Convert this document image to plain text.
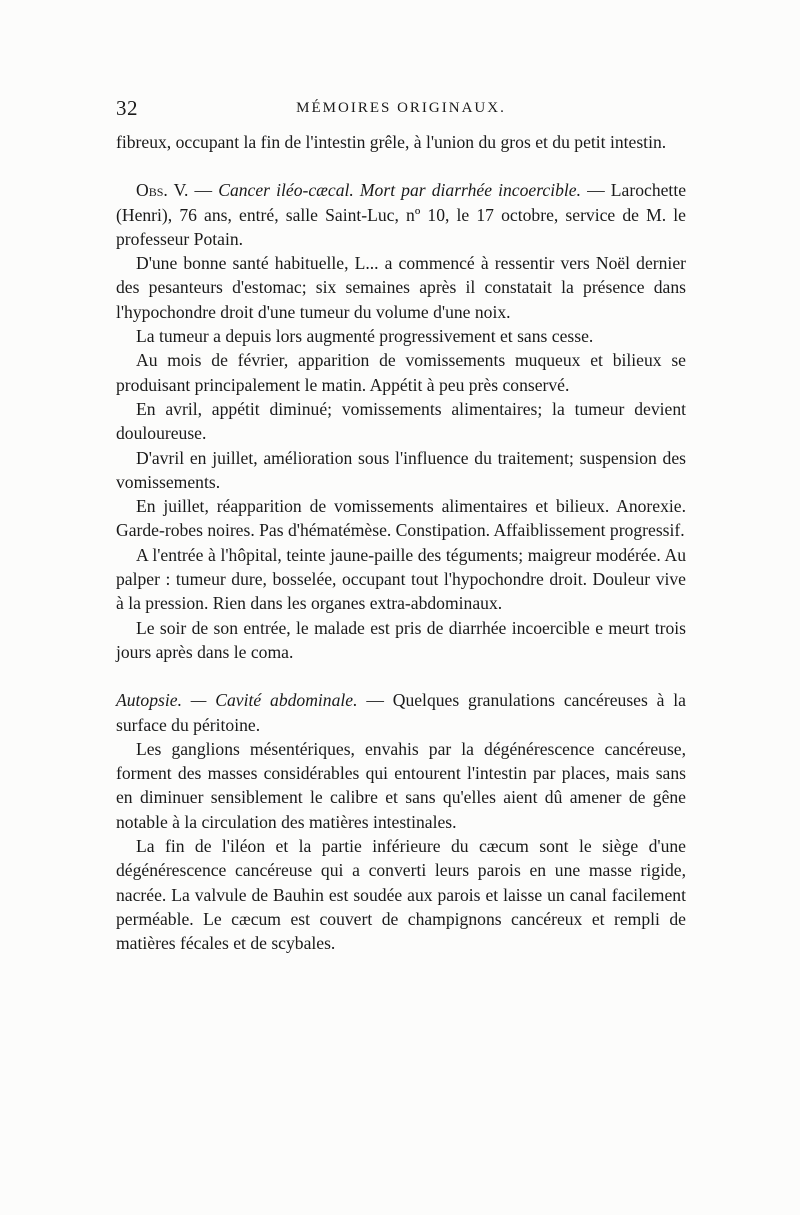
32	MÉMOIRES ORIGINAUX.

fibreux, occupant la fin de l'intestin grêle, à l'union du gros et du petit intestin.

Obs. V. — Cancer iléo-cæcal. Mort par diarrhée incoercible. — Larochette (Henri), 76 ans, entré, salle Saint-Luc, nº 10, le 17 octobre, service de M. le professeur Potain.

D'une bonne santé habituelle, L... a commencé à ressentir vers Noël dernier des pesanteurs d'estomac; six semaines après il constatait la présence dans l'hypochondre droit d'une tumeur du volume d'une noix.

La tumeur a depuis lors augmenté progressivement et sans cesse.

Au mois de février, apparition de vomissements muqueux et bilieux se produisant principalement le matin. Appétit à peu près conservé.

En avril, appétit diminué; vomissements alimentaires; la tumeur devient douloureuse.

D'avril en juillet, amélioration sous l'influence du traitement; suspension des vomissements.

En juillet, réapparition de vomissements alimentaires et bilieux. Anorexie. Garde-robes noires. Pas d'hématémèse. Constipation. Affaiblissement progressif.

A l'entrée à l'hôpital, teinte jaune-paille des téguments; maigreur modérée. Au palper : tumeur dure, bosselée, occupant tout l'hypochondre droit. Douleur vive à la pression. Rien dans les organes extra-abdominaux.

Le soir de son entrée, le malade est pris de diarrhée incoercible e meurt trois jours après dans le coma.

Autopsie. — Cavité abdominale. — Quelques granulations cancéreuses à la surface du péritoine.

Les ganglions mésentériques, envahis par la dégénérescence cancéreuse, forment des masses considérables qui entourent l'intestin par places, mais sans en diminuer sensiblement le calibre et sans qu'elles aient dû amener de gêne notable à la circulation des matières intestinales.

La fin de l'iléon et la partie inférieure du cæcum sont le siège d'une dégénérescence cancéreuse qui a converti leurs parois en une masse rigide, nacrée. La valvule de Bauhin est soudée aux parois et laisse un canal facilement perméable. Le cæcum est couvert de champignons cancéreux et rempli de matières fécales et de scybales.
